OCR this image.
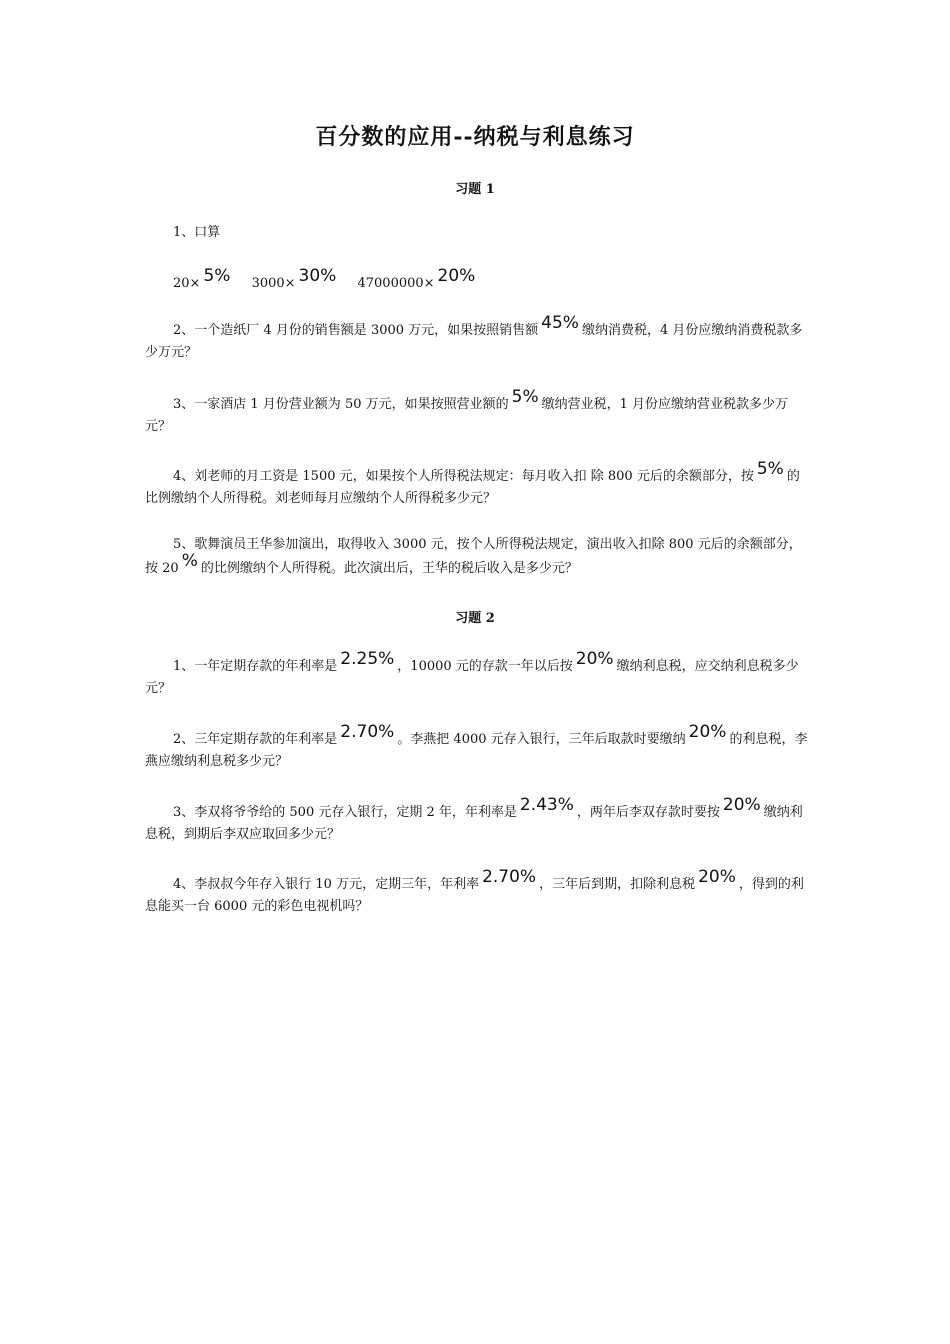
百分数的应用--纳税与利息练习
习题 1
1、口算
20× 5% 3000× 30% 47000000× 20%
2、一个造纸厂 4 月份的销售额是 3000 万元，如果按照销售额 45% 缴纳消费税，4 月份应缴纳消费税款多少万元？
3、一家酒店 1 月份营业额为 50 万元，如果按照营业额的 5% 缴纳营业税，1 月份应缴纳营业税款多少万元？
4、刘老师的月工资是 1500 元，如果按个人所得税法规定：每月收入扣 除 800 元后的余额部分，按 5% 的比例缴纳个人所得税。刘老师每月应缴纳个人所得税多少元？
5、歌舞演员王华参加演出，取得收入 3000 元，按个人所得税法规定，演出收入扣除 800 元后的余额部分，按 20 % 的比例缴纳个人所得税。此次演出后，王华的税后收入是多少元？
习题 2
1、一年定期存款的年利率是 2.25% ，10000 元的存款一年以后按 20% 缴纳利息税，应交纳利息税多少元？
2、三年定期存款的年利率是 2.70% 。李燕把 4000 元存入银行，三年后取款时要缴纳 20% 的利息税，李燕应缴纳利息税多少元？
3、李双将爷爷给的 500 元存入银行，定期 2 年，年利率是 2.43% ，两年后李双存款时要按 20% 缴纳利息税，到期后李双应取回多少元？
4、李叔叔今年存入银行 10 万元，定期三年，年利率 2.70% ，三年后到期，扣除利息税 20% ，得到的利息能买一台 6000 元的彩色电视机吗？
